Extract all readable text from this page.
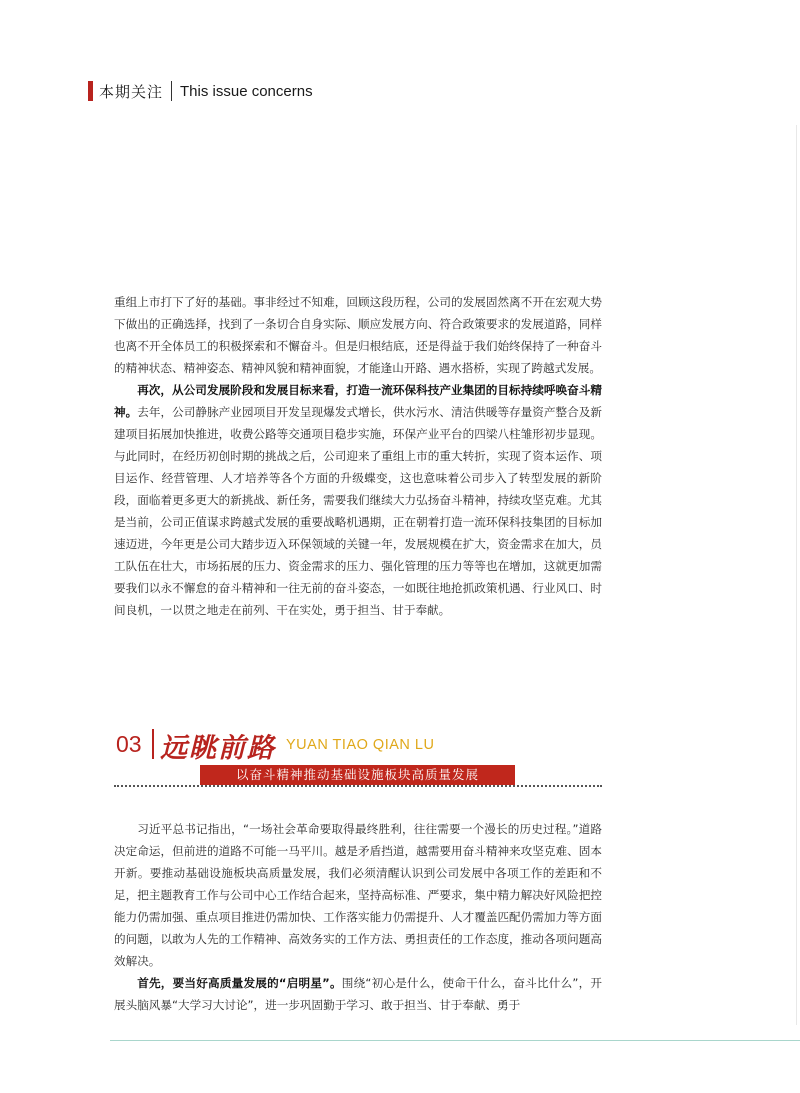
本期关注 This issue concerns

重组上市打下了好的基础。事非经过不知难，回顾这段历程，公司的发展固然离不开在宏观大势下做出的正确选择，找到了一条切合自身实际、顺应发展方向、符合政策要求的发展道路，同样也离不开全体员工的积极探索和不懈奋斗。但是归根结底，还是得益于我们始终保持了一种奋斗的精神状态、精神姿态、精神风貌和精神面貌，才能逢山开路、遇水搭桥，实现了跨越式发展。

再次，从公司发展阶段和发展目标来看，打造一流环保科技产业集团的目标持续呼唤奋斗精神。去年，公司静脉产业园项目开发呈现爆发式增长，供水污水、清洁供暖等存量资产整合及新建项目拓展加快推进，收费公路等交通项目稳步实施，环保产业平台的四梁八柱雏形初步显现。与此同时，在经历初创时期的挑战之后，公司迎来了重组上市的重大转折，实现了资本运作、项目运作、经营管理、人才培养等各个方面的升级蝶变，这也意味着公司步入了转型发展的新阶段，面临着更多更大的新挑战、新任务，需要我们继续大力弘扬奋斗精神，持续攻坚克难。尤其是当前，公司正值谋求跨越式发展的重要战略机遇期，正在朝着打造一流环保科技集团的目标加速迈进，今年更是公司大踏步迈入环保领域的关键一年，发展规模在扩大，资金需求在加大，员工队伍在壮大，市场拓展的压力、资金需求的压力、强化管理的压力等等也在增加，这就更加需要我们以永不懈怠的奋斗精神和一往无前的奋斗姿态，一如既往地抢抓政策机遇、行业风口、时间良机，一以贯之地走在前列、干在实处，勇于担当、甘于奉献。

03 远眺前路 YUAN TIAO QIAN LU
以奋斗精神推动基础设施板块高质量发展

习近平总书记指出，“一场社会革命要取得最终胜利，往往需要一个漫长的历史过程。”道路决定命运，但前进的道路不可能一马平川。越是矛盾挡道，越需要用奋斗精神来攻坚克难、固本开新。要推动基础设施板块高质量发展，我们必须清醒认识到公司发展中各项工作的差距和不足，把主题教育工作与公司中心工作结合起来，坚持高标准、严要求，集中精力解决好风险把控能力仍需加强、重点项目推进仍需加快、工作落实能力仍需提升、人才覆盖匹配仍需加力等方面的问题，以敢为人先的工作精神、高效务实的工作方法、勇担责任的工作态度，推动各项问题高效解决。

首先，要当好高质量发展的“启明星”。围绕“初心是什么，使命干什么，奋斗比什么”，开展头脑风暴“大学习大讨论”，进一步巩固勤于学习、敢于担当、甘于奉献、勇于
